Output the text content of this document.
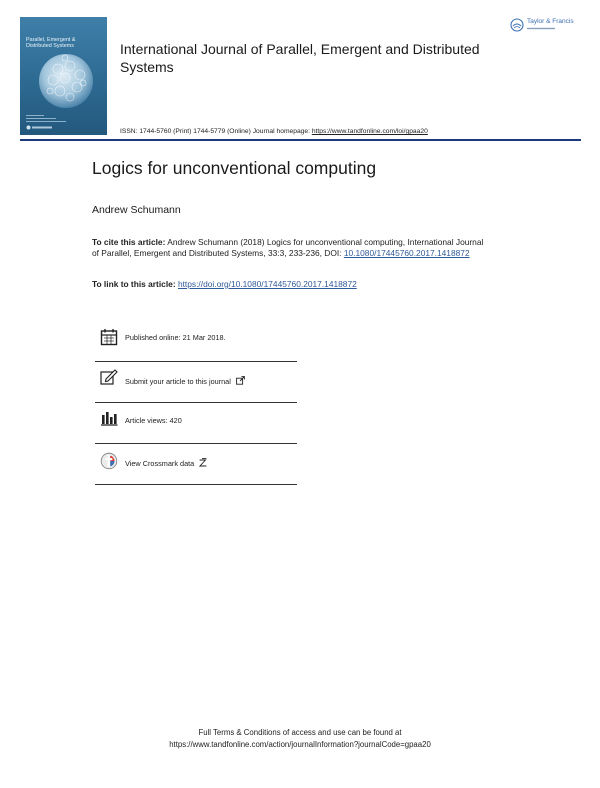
Parallel, Emergent &
Distributed Systems	International Journal of Parallel, Emergent and Distributed Systems
Taylor & Francis
ISSN: 1744-5760 (Print) 1744-5779 (Online) Journal homepage: https://www.tandfonline.com/loi/gpaa20
Logics for unconventional computing
Andrew Schumann
To cite this article: Andrew Schumann (2018) Logics for unconventional computing, International Journal of Parallel, Emergent and Distributed Systems, 33:3, 233-236, DOI: 10.1080/17445760.2017.1418872
To link to this article: https://doi.org/10.1080/17445760.2017.1418872
Published online: 21 Mar 2018.
Submit your article to this journal
Article views: 420
View Crossmark data
Full Terms & Conditions of access and use can be found at
https://www.tandfonline.com/action/journalInformation?journalCode=gpaa20
